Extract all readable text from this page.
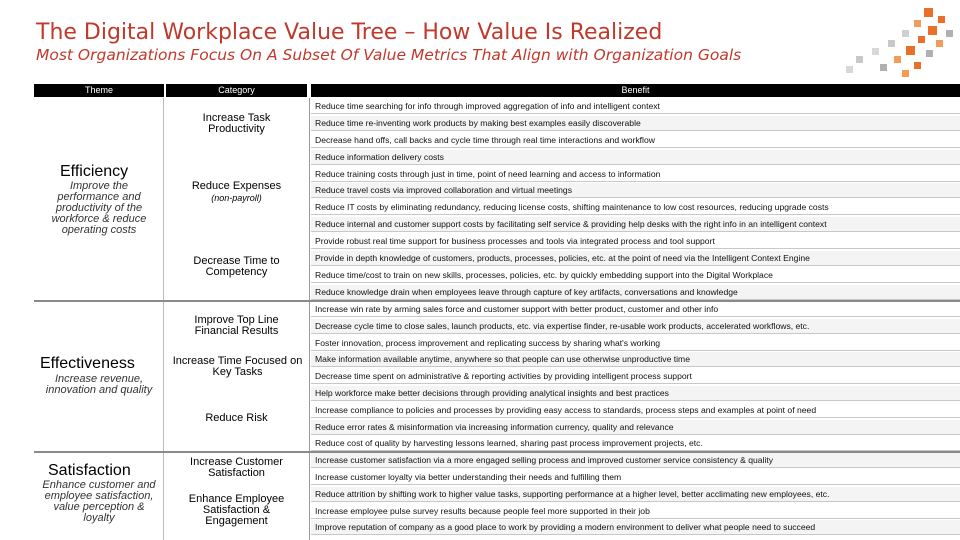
The Digital Workplace Value Tree – How Value Is Realized
Most Organizations Focus On A Subset Of Value Metrics That Align with Organization Goals
Theme	Category	Benefit
Efficiency
Improve the performance and productivity of the workforce & reduce operating costs
Effectiveness
Increase revenue, innovation and quality
Satisfaction
Enhance customer and employee satisfaction, value perception & loyalty
Increase Task Productivity
Reduce Expenses
(non-payroll)
Decrease Time to Competency
Improve Top Line Financial Results
Increase Time Focused on Key Tasks
Reduce Risk
Increase Customer Satisfaction
Enhance Employee Satisfaction & Engagement
Reduce time searching for info through improved aggregation of info and intelligent context
Reduce time re-inventing work products by making best examples easily discoverable
Decrease hand offs, call backs and cycle time through real time interactions and workflow
Reduce information delivery costs
Reduce training costs through just in time, point of need learning and access to information
Reduce travel costs via improved collaboration and virtual meetings
Reduce IT costs by eliminating redundancy, reducing license costs, shifting maintenance to low cost resources, reducing upgrade costs
Reduce internal and customer support costs by facilitating self service & providing help desks with the right info in an intelligent context
Provide robust real time support for business processes and tools via integrated process and tool support
Provide in depth knowledge of customers, products, processes, policies, etc. at the point of need via the Intelligent Context Engine
Reduce time/cost to train on new skills, processes, policies, etc. by quickly embedding support into the Digital Workplace
Reduce knowledge drain when employees leave through capture of key artifacts, conversations and knowledge
Increase win rate by arming sales force and customer support with better product, customer and other info
Decrease cycle time to close sales, launch products, etc. via expertise finder, re-usable work products, accelerated workflows, etc.
Foster innovation, process improvement and replicating success by sharing what's working
Make information available anytime, anywhere so that people can use otherwise unproductive time
Decrease time spent on administrative & reporting activities by providing intelligent process support
Help workforce make better decisions through providing analytical insights and best practices
Increase compliance to policies and processes by providing easy access to standards, process steps and examples at point of need
Reduce error rates & misinformation via increasing information currency, quality and relevance
Reduce cost of quality by harvesting lessons learned, sharing past process improvement projects, etc.
Increase customer satisfaction via a more engaged selling process and improved customer service consistency & quality
Increase customer loyalty via better understanding their needs and fulfilling them
Reduce attrition by shifting work to higher value tasks, supporting performance at a higher level, better acclimating new employees, etc.
Increase employee pulse survey results because people feel more supported in their job
Improve reputation of company as a good place to work by providing a modern environment to deliver what people need to succeed
